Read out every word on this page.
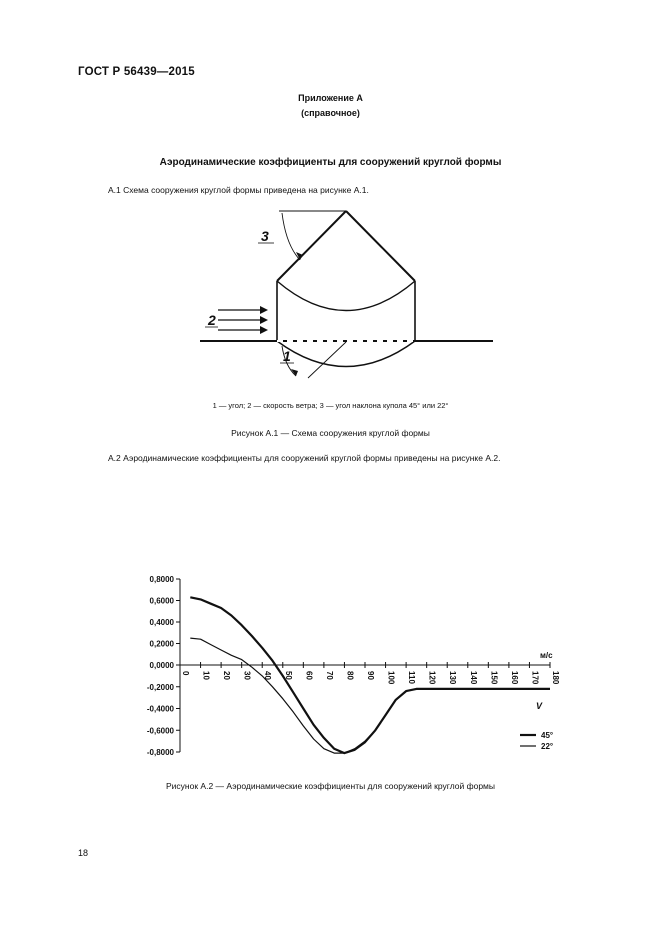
ГОСТ Р 56439—2015
Приложение А
(справочное)
Аэродинамические коэффициенты для сооружений круглой формы
А.1 Схема сооружения круглой формы приведена на рисунке А.1.
3
2
1
1 — угол; 2 — скорость ветра; 3 — угол наклона купола 45° или 22°
Рисунок А.1 — Схема сооружения круглой формы
А.2 Аэродинамические коэффициенты для сооружений круглой формы приведены на рисунке А.2.
0,8000
0,6000
0,4000
0,2000
0,0000
-0,2000
-0,4000
-0,6000
-0,8000
0 10 20 30 40 50 60 70 80 90 100 110 120 130 140 150 160 170 180
м/с
V
45°
22°
Рисунок А.2 — Аэродинамические коэффициенты для сооружений круглой формы
18
